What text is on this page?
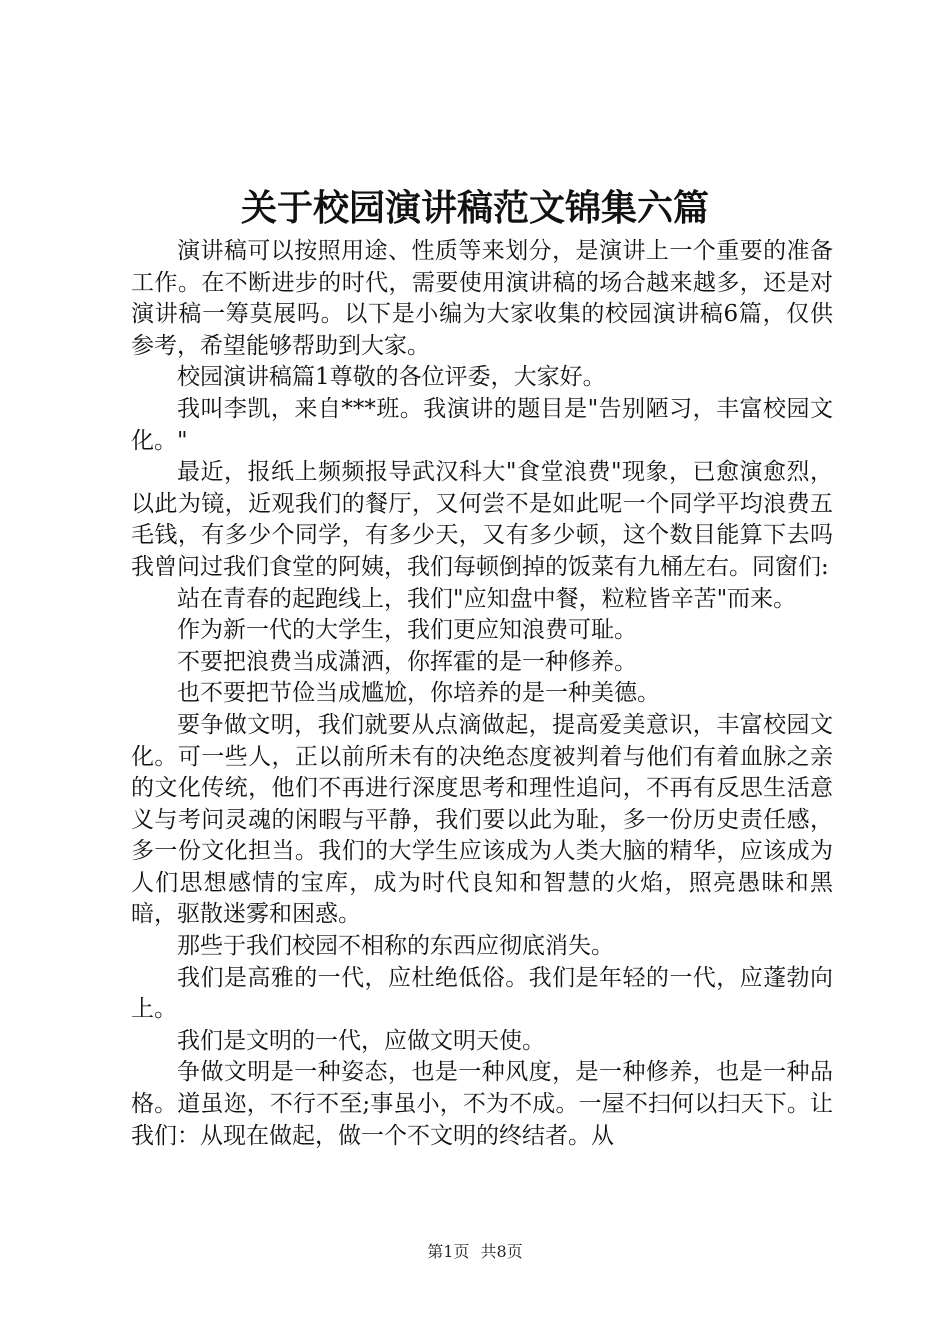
关于校园演讲稿范文锦集六篇

演讲稿可以按照用途、性质等来划分，是演讲上一个重要的准备工作。在不断进步的时代，需要使用演讲稿的场合越来越多，还是对演讲稿一筹莫展吗。以下是小编为大家收集的校园演讲稿6篇，仅供参考，希望能够帮助到大家。

校园演讲稿篇1尊敬的各位评委，大家好。

我叫李凯，来自***班。我演讲的题目是"告别陋习，丰富校园文化。"

最近，报纸上频频报导武汉科大"食堂浪费"现象，已愈演愈烈，以此为镜，近观我们的餐厅，又何尝不是如此呢一个同学平均浪费五毛钱，有多少个同学，有多少天，又有多少顿，这个数目能算下去吗我曾问过我们食堂的阿姨，我们每顿倒掉的饭菜有九桶左右。同窗们:

站在青春的起跑线上，我们"应知盘中餐，粒粒皆辛苦"而来。

作为新一代的大学生，我们更应知浪费可耻。

不要把浪费当成潇洒，你挥霍的是一种修养。

也不要把节俭当成尴尬，你培养的是一种美德。

要争做文明，我们就要从点滴做起，提高爱美意识，丰富校园文化。可一些人，正以前所未有的决绝态度被判着与他们有着血脉之亲的文化传统，他们不再进行深度思考和理性追问，不再有反思生活意义与考问灵魂的闲暇与平静，我们要以此为耻，多一份历史责任感，多一份文化担当。我们的大学生应该成为人类大脑的精华，应该成为人们思想感情的宝库，成为时代良知和智慧的火焰，照亮愚昧和黑暗，驱散迷雾和困惑。

那些于我们校园不相称的东西应彻底消失。

我们是高雅的一代，应杜绝低俗。我们是年轻的一代，应蓬勃向上。

我们是文明的一代，应做文明天使。

争做文明是一种姿态，也是一种风度，是一种修养，也是一种品格。道虽迩，不行不至;事虽小，不为不成。一屋不扫何以扫天下。让我们：从现在做起，做一个不文明的终结者。从

第1页 共8页
